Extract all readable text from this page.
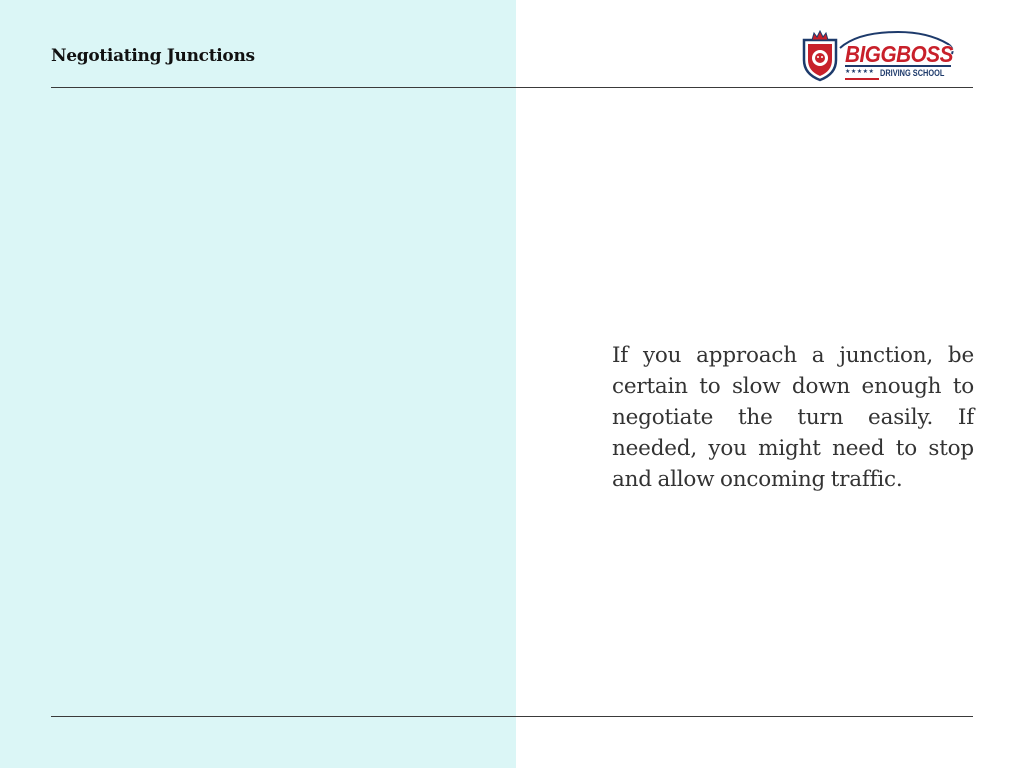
Negotiating Junctions	BIGGBOSS
★★★★★ DRIVING SCHOOL
If you approach a junction, be certain to slow down enough to negotiate the turn easily. If needed, you might need to stop and allow oncoming traffic.
